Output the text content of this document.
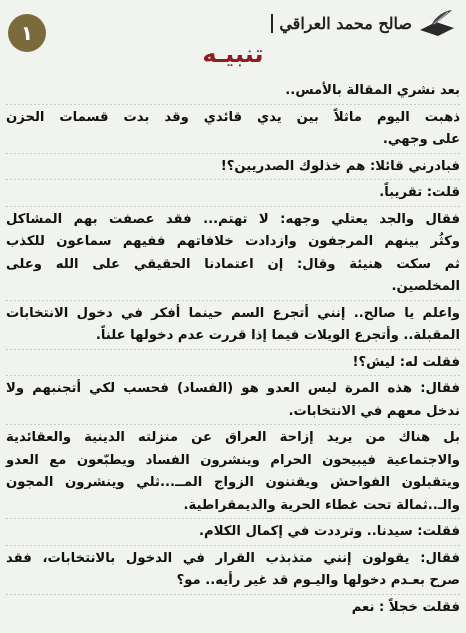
١	صالح محمد العراقي
تنبيـه

بعد نشري المقالة بالأمس..

ذهبت اليوم ماثلاً بين يدي قائدي وقد بدت قسمات الحزن

على وجهي.

فبادرني قائلا: هم خذلوك الصدريين؟!

قلت: تقريباً.

فقال والجد يعتلي وجهه: لا تهتم... فقد عصفت بهم المشاكل

وكثُر بينهم المرجفون وازدادت خلافاتهم ففيهم سماعون للكذب

ثم سكت هنيئة وقال: إن اعتمادنا الحقيقي على الله وعلى

المخلصين.

واعلم يا صالح.. إنني أتجرع السم حينما أفكر في دخول الانتخابات

المقبلة.. وأتجرع الويلات فيما إذا قررت عدم دخولها علناً.

فقلت له: ليش؟!

فقال: هذه المرة ليس العدو هو (الفساد) فحسب لكي أتجنبهم ولا

ندخل معهم في الانتخابات.

بل هناك من يريد إزاحة العراق عن منزلته الدينية والعقائدية

والاجتماعية فيبيحون الحرام وينشرون الفساد ويطبّعون مع العدو

ويتقبلون الفواحش ويقننون الزواج المــ...ثلي وينشرون المجون

والـ..ثمالة تحت غطاء الحرية والديمقراطية.

فقلت: سيدنا.. وترددت في إكمال الكلام.

فقال: يقولون إنني متذبذب القرار في الدخول بالانتخابات، فقد

صرح بعـدم دخولها واليـوم قد غير رأيه.. مو؟

فقلت خجلاً : نعم
